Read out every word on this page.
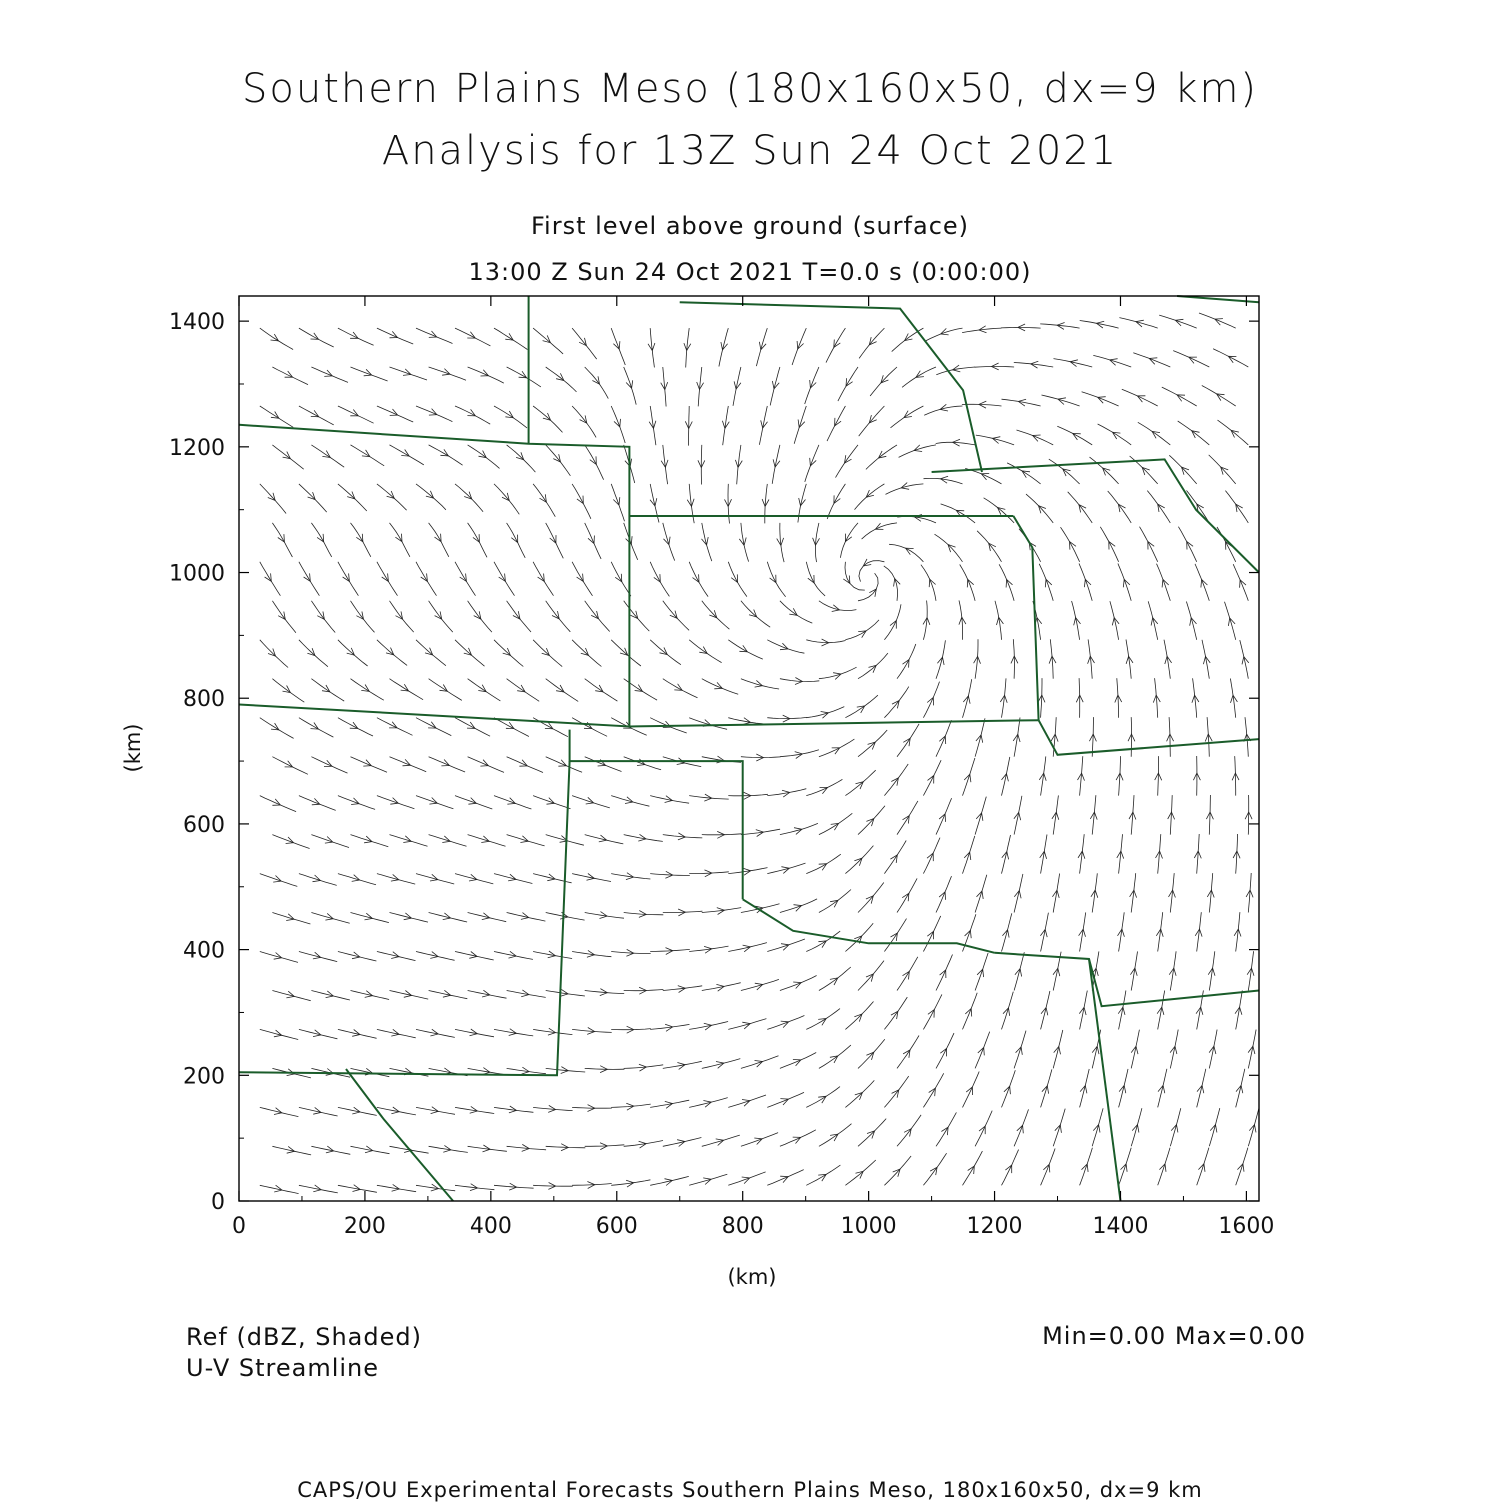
Southern Plains Meso (180x160x50, dx=9 km)
Analysis for 13Z Sun 24 Oct 2021
First level above ground (surface)
13:00 Z Sun 24 Oct 2021 T=0.0 s (0:00:00)
0	200	400	600	800	1000	1200	1400	1600
0
200
400
600
800
1000
1200
1400
(km)
(km)
Ref (dBZ, Shaded)
U-V Streamline
Min=0.00 Max=0.00
CAPS/OU Experimental Forecasts Southern Plains Meso, 180x160x50, dx=9 km
